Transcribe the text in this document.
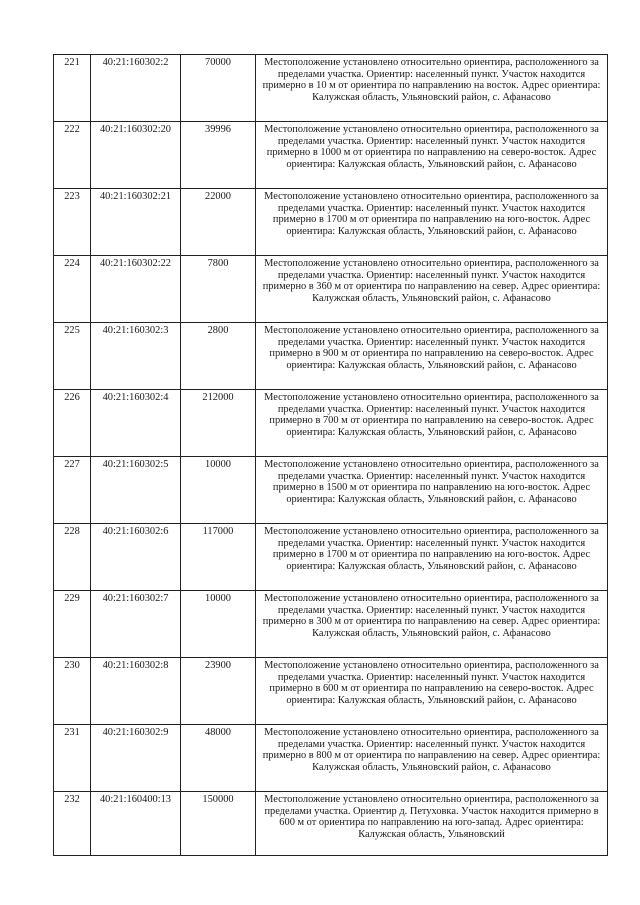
221	40:21:160302:2	70000	Местоположение установлено относительно ориентира, расположенного за пределами участка. Ориентир: населенный пункт. Участок находится примерно в 10 м от ориентира по направлению на восток. Адрес ориентира: Калужская область, Ульяновский район, с. Афанасово
222	40:21:160302:20	39996	Местоположение установлено относительно ориентира, расположенного за пределами участка. Ориентир: населенный пункт. Участок находится примерно в 1000 м от ориентира по направлению на северо-восток. Адрес ориентира: Калужская область, Ульяновский район, с. Афанасово
223	40:21:160302:21	22000	Местоположение установлено относительно ориентира, расположенного за пределами участка. Ориентир: населенный пункт. Участок находится примерно в 1700 м от ориентира по направлению на юго-восток. Адрес ориентира: Калужская область, Ульяновский район, с. Афанасово
224	40:21:160302:22	7800	Местоположение установлено относительно ориентира, расположенного за пределами участка. Ориентир: населенный пункт. Участок находится примерно в 360 м от ориентира по направлению на север. Адрес ориентира: Калужская область, Ульяновский район, с. Афанасово
225	40:21:160302:3	2800	Местоположение установлено относительно ориентира, расположенного за пределами участка. Ориентир: населенный пункт. Участок находится примерно в 900 м от ориентира по направлению на северо-восток. Адрес ориентира: Калужская область, Ульяновский район, с. Афанасово
226	40:21:160302:4	212000	Местоположение установлено относительно ориентира, расположенного за пределами участка. Ориентир: населенный пункт. Участок находится примерно в 700 м от ориентира по направлению на северо-восток. Адрес ориентира: Калужская область, Ульяновский район, с. Афанасово
227	40:21:160302:5	10000	Местоположение установлено относительно ориентира, расположенного за пределами участка. Ориентир: населенный пункт. Участок находится примерно в 1500 м от ориентира по направлению на юго-восток. Адрес ориентира: Калужская область, Ульяновский район, с. Афанасово
228	40:21:160302:6	117000	Местоположение установлено относительно ориентира, расположенного за пределами участка. Ориентир: населенный пункт. Участок находится примерно в 1700 м от ориентира по направлению на юго-восток. Адрес ориентира: Калужская область, Ульяновский район, с. Афанасово
229	40:21:160302:7	10000	Местоположение установлено относительно ориентира, расположенного за пределами участка. Ориентир: населенный пункт. Участок находится примерно в 300 м от ориентира по направлению на север. Адрес ориентира: Калужская область, Ульяновский район, с. Афанасово
230	40:21:160302:8	23900	Местоположение установлено относительно ориентира, расположенного за пределами участка. Ориентир: населенный пункт. Участок находится примерно в 600 м от ориентира по направлению на северо-восток. Адрес ориентира: Калужская область, Ульяновский район, с. Афанасово
231	40:21:160302:9	48000	Местоположение установлено относительно ориентира, расположенного за пределами участка. Ориентир: населенный пункт. Участок находится примерно в 800 м от ориентира по направлению на север. Адрес ориентира: Калужская область, Ульяновский район, с. Афанасово
232	40:21:160400:13	150000	Местоположение установлено относительно ориентира, расположенного за пределами участка. Ориентир д. Петуховка. Участок находится примерно в 600 м от ориентира по направлению на юго-запад. Адрес ориентира: Калужская область, Ульяновский
